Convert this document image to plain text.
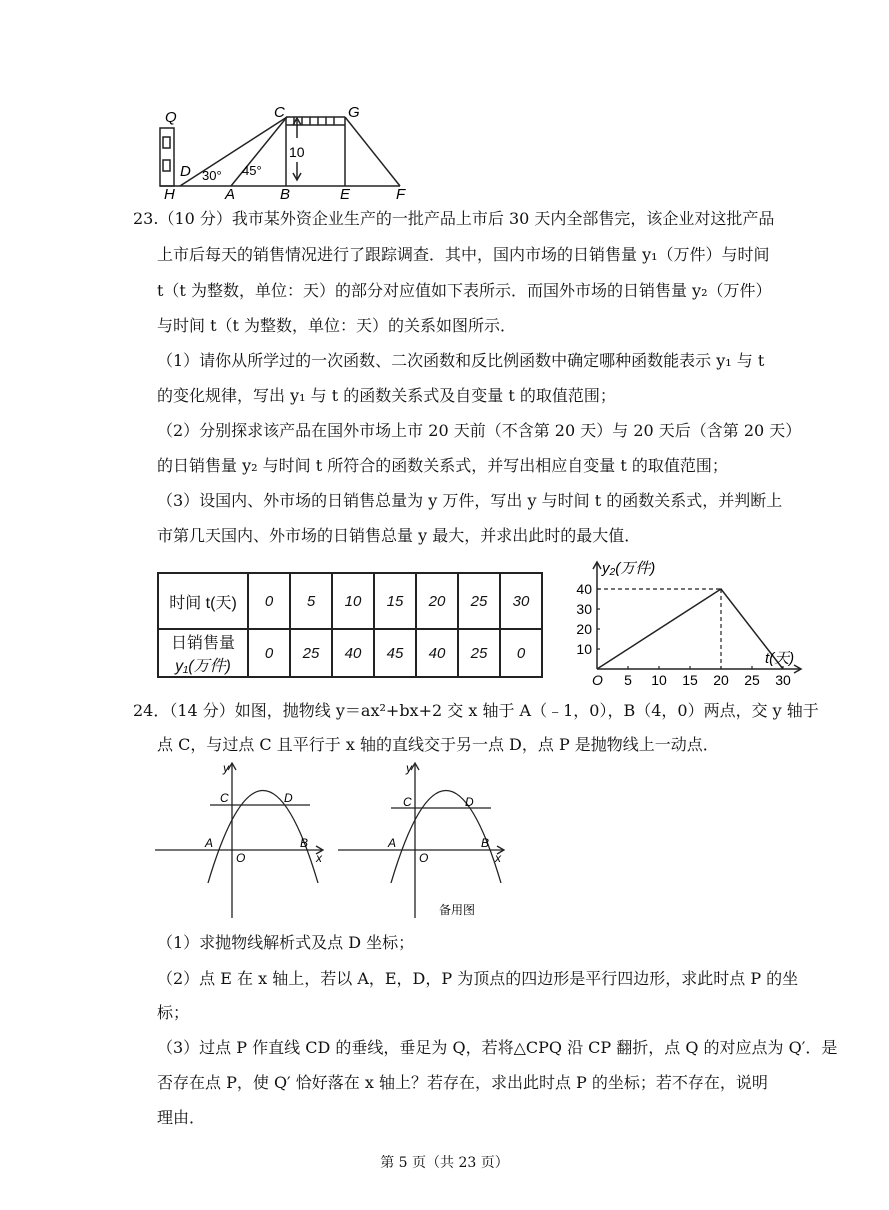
Q	C	G
D 30° 45°
10
H	A	B	E	F
23.（10 分）我市某外资企业生产的一批产品上市后 30 天内全部售完，该企业对这批产品
上市后每天的销售情况进行了跟踪调查．其中，国内市场的日销售量 y₁（万件）与时间
t（t 为整数，单位：天）的部分对应值如下表所示．而国外市场的日销售量 y₂（万件）
与时间 t（t 为整数，单位：天）的关系如图所示．
（1）请你从所学过的一次函数、二次函数和反比例函数中确定哪种函数能表示 y₁ 与 t
的变化规律，写出 y₁ 与 t 的函数关系式及自变量 t 的取值范围；
（2）分别探求该产品在国外市场上市 20 天前（不含第 20 天）与 20 天后（含第 20 天）
的日销售量 y₂ 与时间 t 所符合的函数关系式，并写出相应自变量 t 的取值范围；
（3）设国内、外市场的日销售总量为 y 万件，写出 y 与时间 t 的函数关系式，并判断上
市第几天国内、外市场的日销售总量 y 最大，并求出此时的最大值．
时间 t(天)	0	5	10	15	20	25	30

日销售量
y₁(万件)	0	25	40	45	40	25	0
5 10 15 20 25 30
10
20
30
40
y₂(万件)
t(天)
O
24．（14 分）如图，抛物线 y＝ax²+bx+2 交 x 轴于 A（﹣1，0），B（4，0）两点，交 y 轴于
点 C，与过点 C 且平行于 x 轴的直线交于另一点 D，点 P 是抛物线上一动点．
y
x
C	D
A	B
O
y
x
C	D
A	B
O
备用图
（1）求抛物线解析式及点 D 坐标；
（2）点 E 在 x 轴上，若以 A，E，D，P 为顶点的四边形是平行四边形，求此时点 P 的坐
标；
（3）过点 P 作直线 CD 的垂线，垂足为 Q，若将△CPQ 沿 CP 翻折，点 Q 的对应点为 Q′．是
否存在点 P，使 Q′ 恰好落在 x 轴上？若存在，求出此时点 P 的坐标；若不存在，说明
理由．
第 5 页（共 23 页）
